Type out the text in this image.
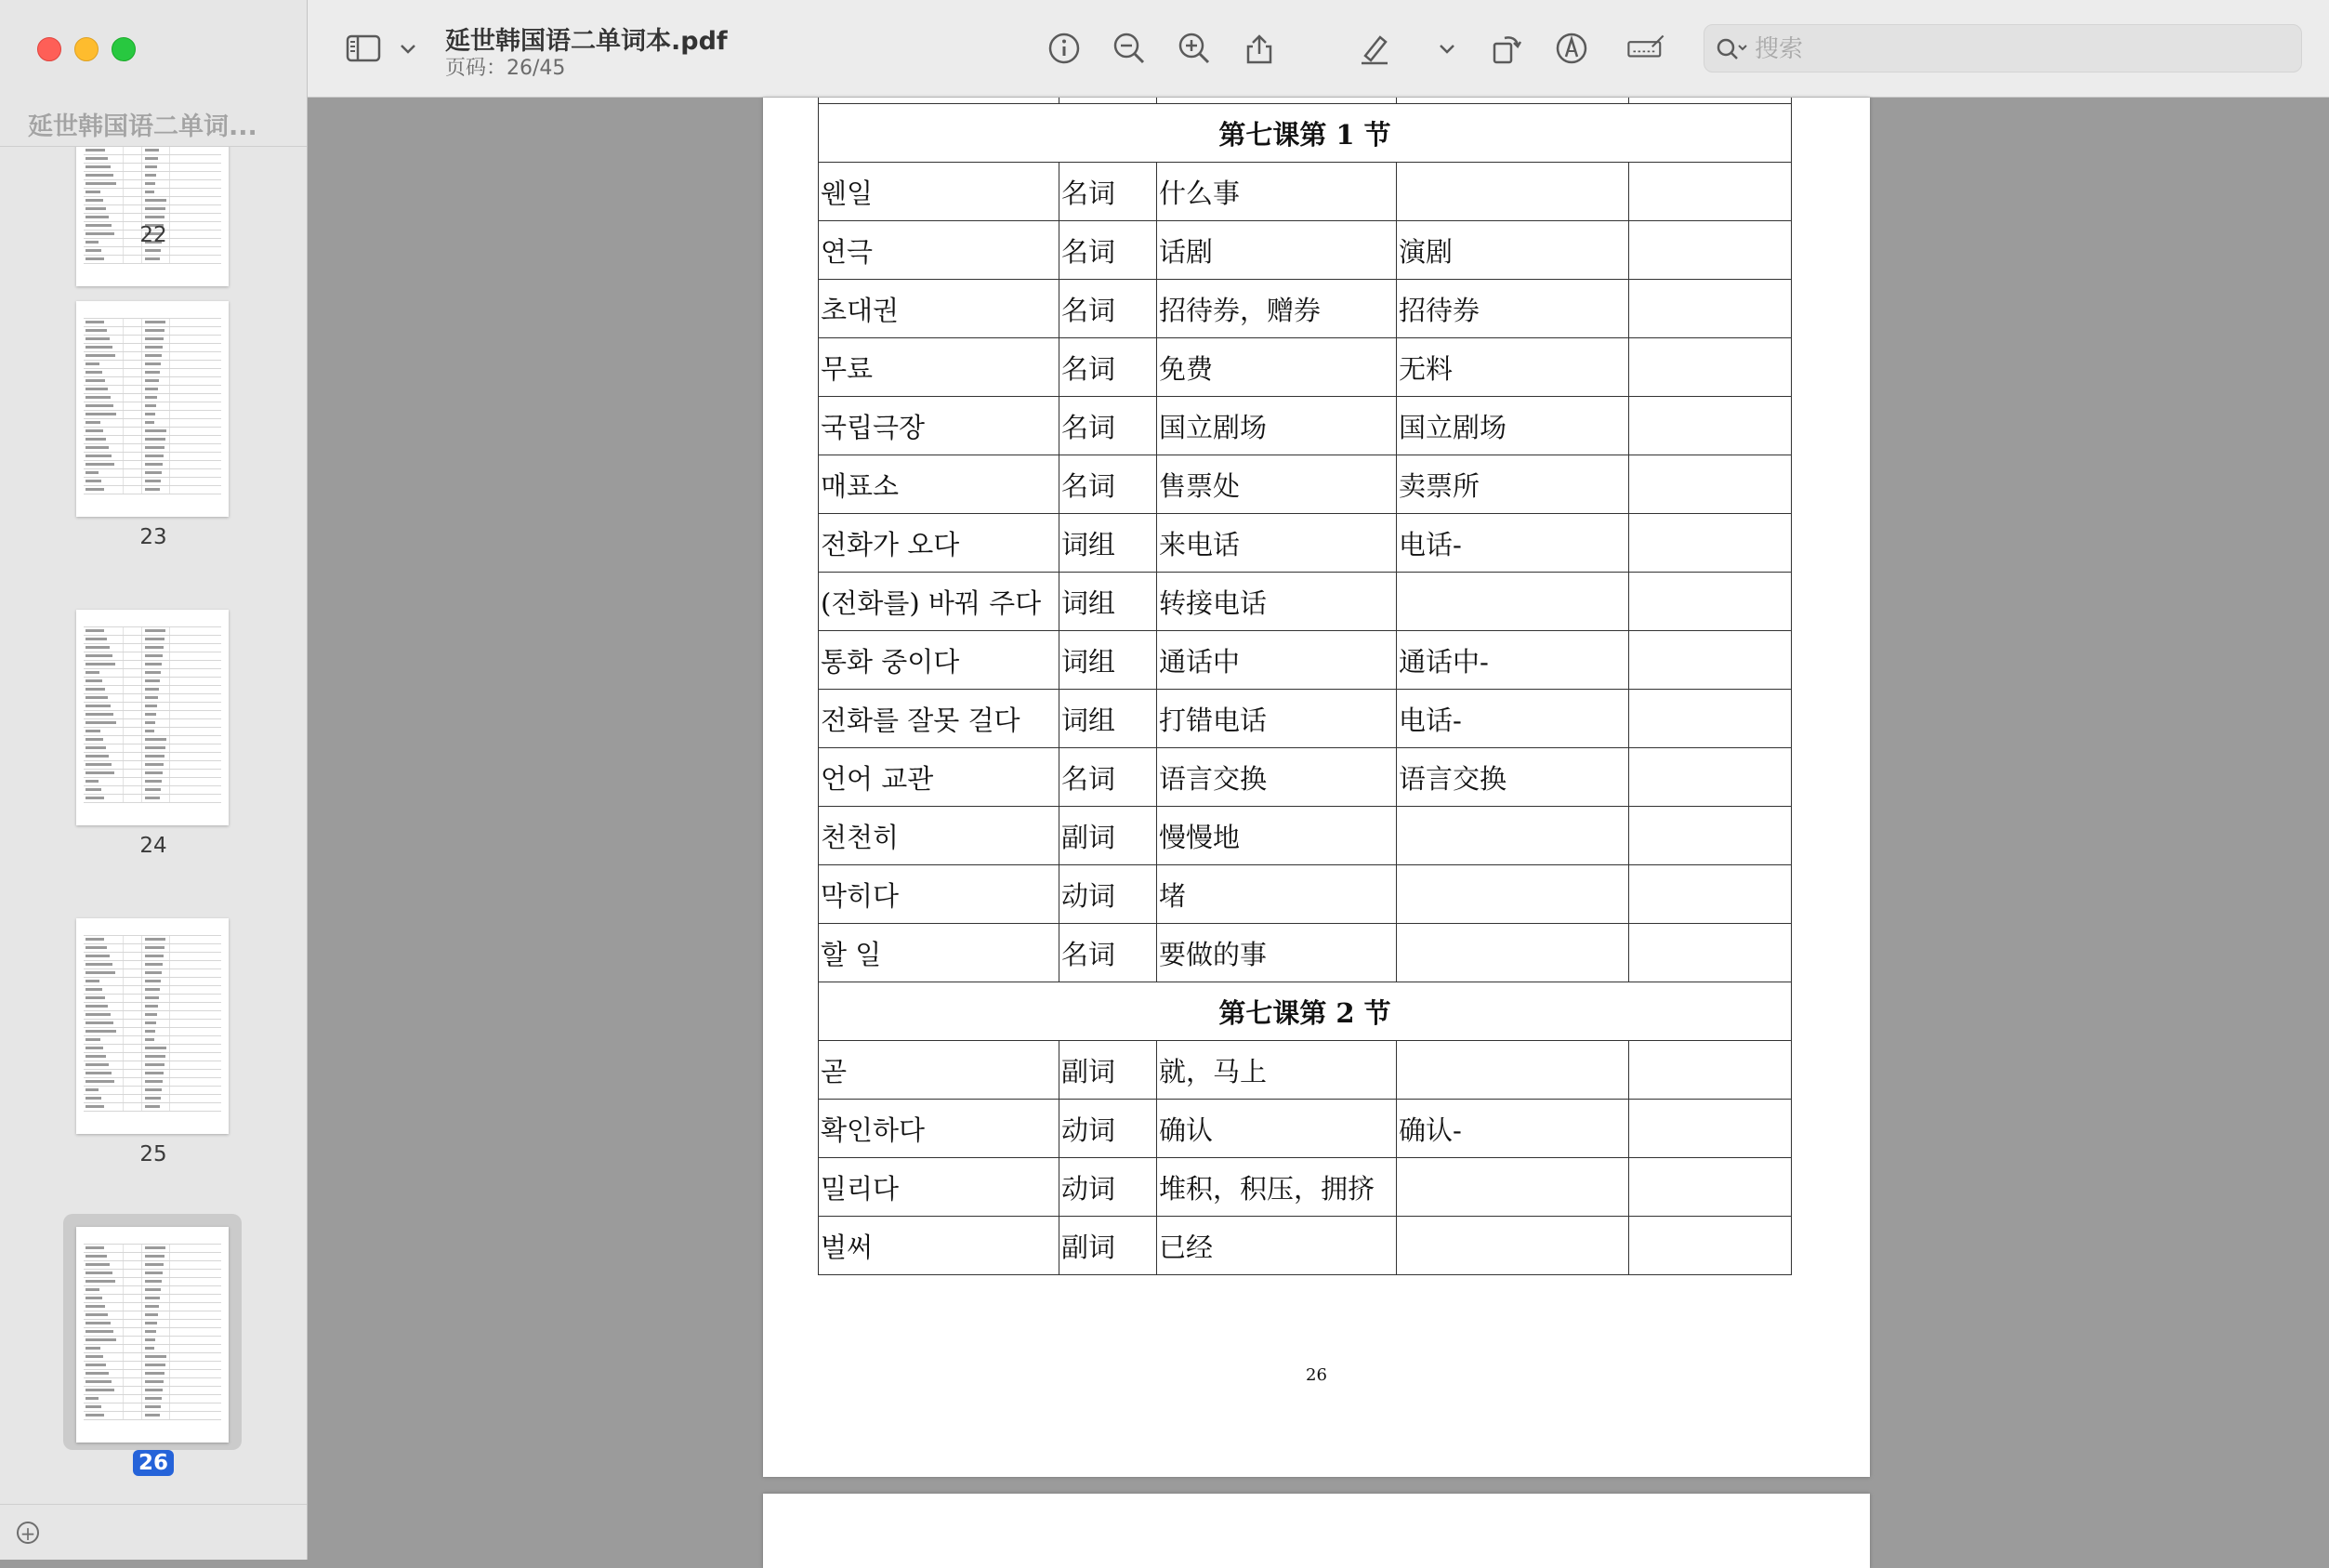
延世韩国语二单词...
+
22
23
24
25
26
延世韩国语二单词本.pdf
页码：26/45
搜索

第七课第 1 节				
웬일	名词	什么事		
연극	名词	话剧	演剧	
초대권	名词	招待券，赠券	招待券	
무료	名词	免费	无料	
국립극장	名词	国立剧场	国立剧场	
매표소	名词	售票处	卖票所	
전화가 오다	词组	来电话	电话-	
(전화를) 바꿔 주다	词组	转接电话		
통화 중이다	词组	通话中	通话中-	
전화를 잘못 걸다	词组	打错电话	电话-	
언어 교관	名词	语言交换	语言交换	
천천히	副词	慢慢地		
막히다	动词	堵		
할 일	名词	要做的事		
第七课第 2 节				
곧	副词	就，马上		
확인하다	动词	确认	确认-	
밀리다	动词	堆积，积压，拥挤		
벌써	副词	已经		
26
